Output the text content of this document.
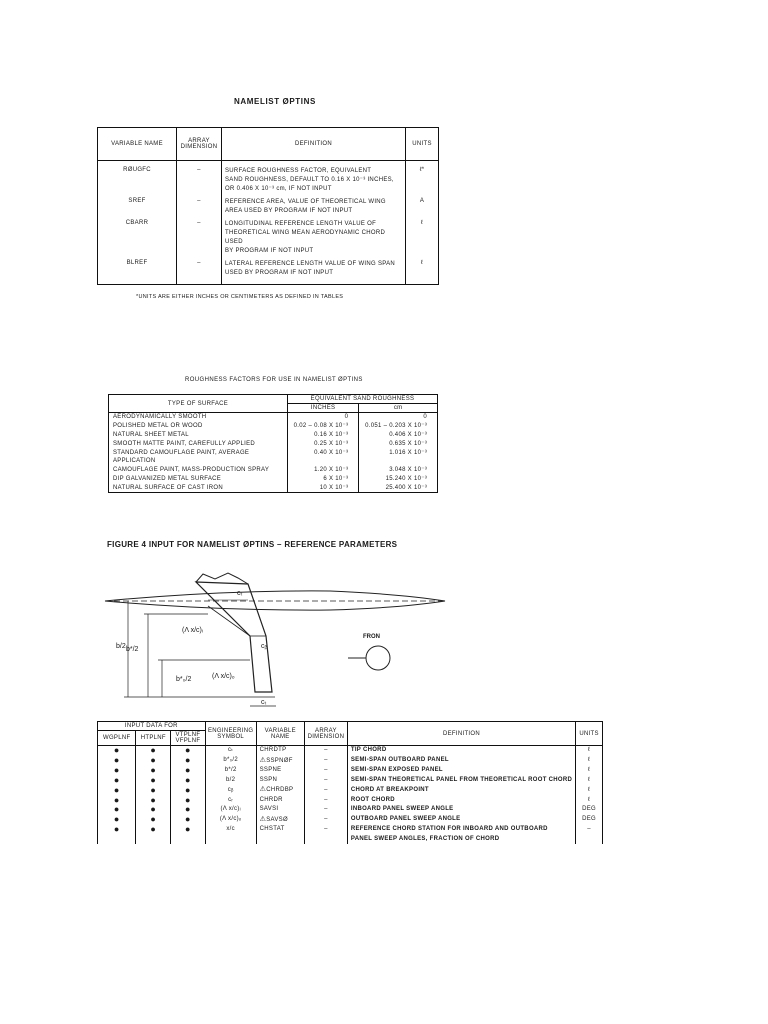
NAMELIST ØPTINS
VARIABLE NAME	ARRAY DIMENSION	DEFINITION	UNITS
RØUGFC	–	SURFACE ROUGHNESS FACTOR, EQUIVALENT
SAND ROUGHNESS, DEFAULT TO 0.16 X 10⁻³ INCHES,
OR 0.406 X 10⁻³ cm, IF NOT INPUT	ℓ*
SREF	–	REFERENCE AREA, VALUE OF THEORETICAL WING
AREA USED BY PROGRAM IF NOT INPUT	A
CBARR	–	LONGITUDINAL REFERENCE LENGTH VALUE OF
THEORETICAL WING MEAN AERODYNAMIC CHORD USED
BY PROGRAM IF NOT INPUT	ℓ
BLREF	–	LATERAL REFERENCE LENGTH VALUE OF WING SPAN
USED BY PROGRAM IF NOT INPUT	ℓ

*UNITS ARE EITHER INCHES OR CENTIMETERS AS DEFINED IN TABLES
ROUGHNESS FACTORS FOR USE IN NAMELIST ØPTINS
TYPE OF SURFACE	EQUIVALENT SAND ROUGHNESS	
	INCHES	cm
AERODYNAMICALLY SMOOTH	0	0
POLISHED METAL OR WOOD	0.02 – 0.08 X 10⁻³	0.051 – 0.203 X 10⁻³
NATURAL SHEET METAL	0.16 X 10⁻³	0.406 X 10⁻³
SMOOTH MATTE PAINT, CAREFULLY APPLIED	0.25 X 10⁻³	0.635 X 10⁻³
STANDARD CAMOUFLAGE PAINT, AVERAGE	0.40 X 10⁻³	1.016 X 10⁻³
APPLICATION		
CAMOUFLAGE PAINT, MASS-PRODUCTION SPRAY	1.20 X 10⁻³	3.048 X 10⁻³
DIP GALVANIZED METAL SURFACE	6 X 10⁻³	15.240 X 10⁻³
NATURAL SURFACE OF CAST IRON	10 X 10⁻³	25.400 X 10⁻³
FIGURE 4 INPUT FOR NAMELIST ØPTINS – REFERENCE PARAMETERS
cₜ
(Λ x/c)ᵢ
cᵦ
(Λ x/c)ₒ
b/2 b*/2
b*₀/2
cₜ
FRON
INPUT DATA FOR			ENGINEERING SYMBOL	VARIABLE NAME	ARRAY DIMENSION	DEFINITION	UNITS
WGPLNF	HTPLNF	VTPLNF VFPLNF					
●	●	●	cₜ	CHRDTP	–	TIP CHORD	ℓ
●	●	●	b*₀/2	⚠SSPNØF	–	SEMI-SPAN OUTBOARD PANEL	ℓ
●	●	●	b*/2	SSPNE	–	SEMI-SPAN EXPOSED PANEL	ℓ
●	●	●	b/2	SSPN	–	SEMI-SPAN THEORETICAL PANEL FROM THEORETICAL ROOT CHORD	ℓ
●	●	●	cᵦ	⚠CHRDBP	–	CHORD AT BREAKPOINT	ℓ
●	●	●	cᵣ	CHRDR	–	ROOT CHORD	ℓ
●	●	●	(Λ x/c)ᵢ	SAVSI	–	INBOARD PANEL SWEEP ANGLE	DEG
●	●	●	(Λ x/c)ₒ	⚠SAVSØ	–	OUTBOARD PANEL SWEEP ANGLE	DEG
●	●	●	x/c	CHSTAT	–	REFERENCE CHORD STATION FOR INBOARD AND OUTBOARD	–
						PANEL SWEEP ANGLES, FRACTION OF CHORD	
